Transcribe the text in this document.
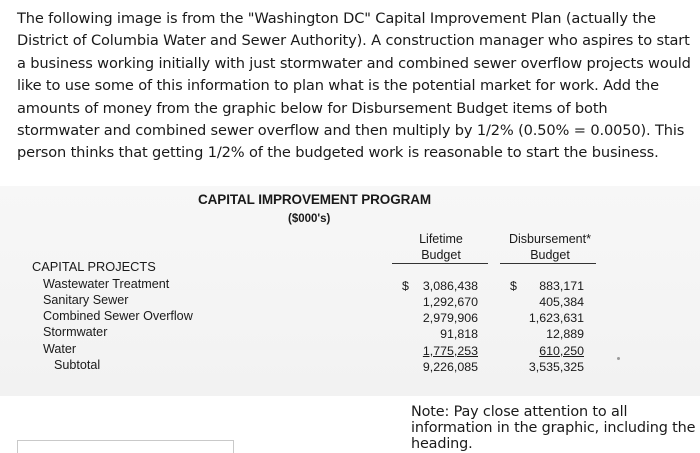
The following image is from the "Washington DC" Capital Improvement Plan (actually the District of Columbia Water and Sewer Authority). A construction manager who aspires to start a business working initially with just stormwater and combined sewer overflow projects would like to use some of this information to plan what is the potential market for work. Add the amounts of money from the graphic below for Disbursement Budget items of both stormwater and combined sewer overflow and then multiply by 1/2% (0.50% = 0.0050). This person thinks that getting 1/2% of the budgeted work is reasonable to start the business.
CAPITAL IMPROVEMENT PROGRAM
($000's)
Lifetime
Budget
Disbursement*
Budget
CAPITAL PROJECTS
Wastewater Treatment
Sanitary Sewer
Combined Sewer Overflow
Stormwater
Water
Subtotal
$	$
3,086,438
1,292,670
2,979,906
91,818
1,775,253
9,226,085
883,171
405,384
1,623,631
12,889
610,250
3,535,325
Note: Pay close attention to all information in the graphic, including the heading.
